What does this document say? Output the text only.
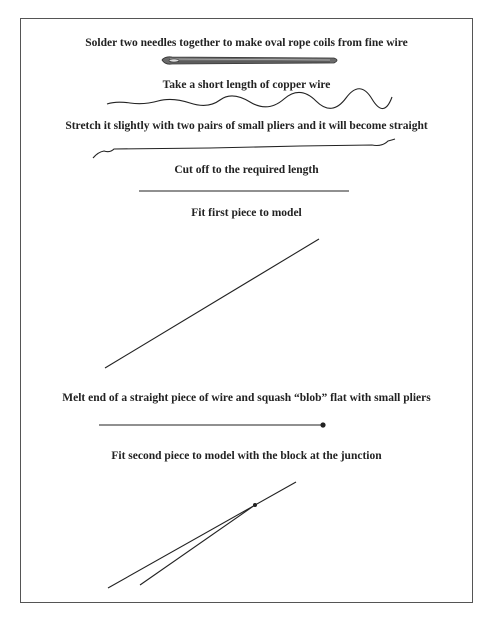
Solder two needles together to make oval rope coils from fine wire
Take a short length of copper wire
Stretch it slightly with two pairs of small pliers and it will become straight
Cut off to the required length
Fit first piece to model
Melt end of a straight piece of wire and squash “blob” flat with small pliers
Fit second piece to model with the block at the junction
